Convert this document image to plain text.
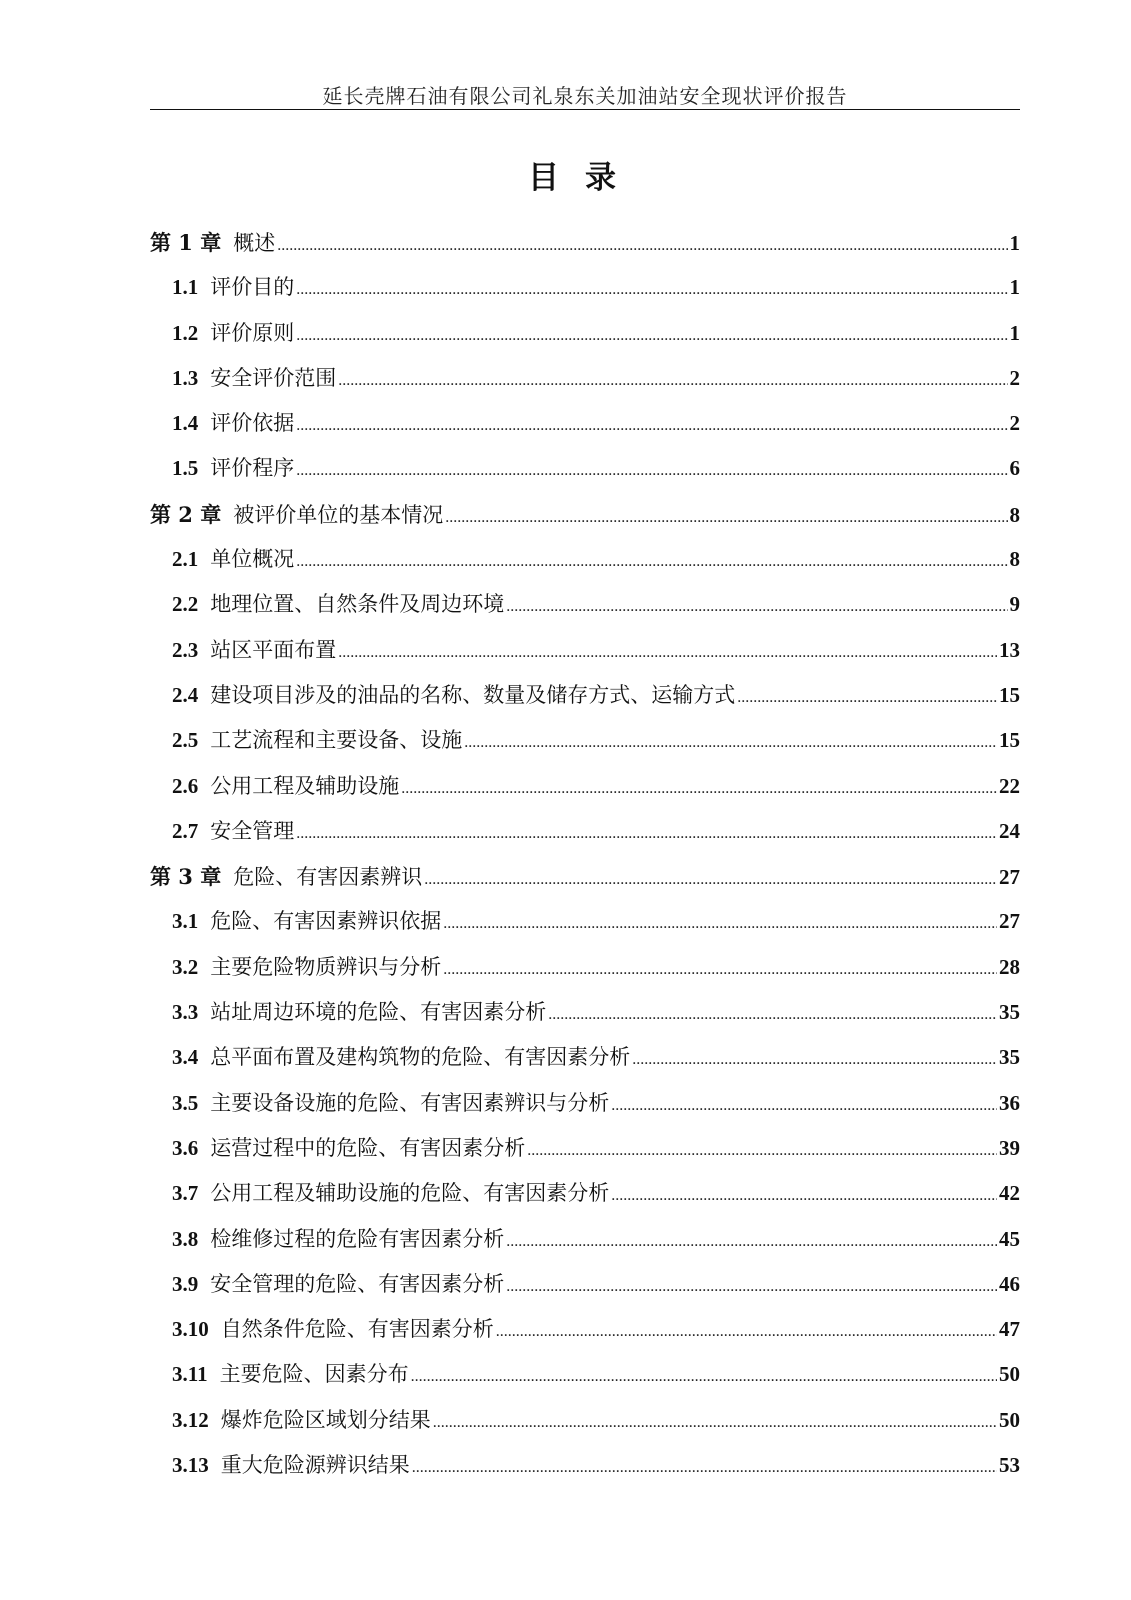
延长壳牌石油有限公司礼泉东关加油站安全现状评价报告
目录
第 1 章 概述 .....	1
1.1 评价目的 .....	1
1.2 评价原则 .....	1
1.3 安全评价范围 .....	2
1.4 评价依据 .....	2
1.5 评价程序 .....	6
第 2 章 被评价单位的基本情况 .....	8
2.1 单位概况 .....	8
2.2 地理位置、自然条件及周边环境 .....	9
2.3 站区平面布置 .....	13
2.4 建设项目涉及的油品的名称、数量及储存方式、运输方式 .....	15
2.5 工艺流程和主要设备、设施 .....	15
2.6 公用工程及辅助设施 .....	22
2.7 安全管理 .....	24
第 3 章 危险、有害因素辨识 .....	27
3.1 危险、有害因素辨识依据 .....	27
3.2 主要危险物质辨识与分析 .....	28
3.3 站址周边环境的危险、有害因素分析 .....	35
3.4 总平面布置及建构筑物的危险、有害因素分析 .....	35
3.5 主要设备设施的危险、有害因素辨识与分析 .....	36
3.6 运营过程中的危险、有害因素分析 .....	39
3.7 公用工程及辅助设施的危险、有害因素分析 .....	42
3.8 检维修过程的危险有害因素分析 .....	45
3.9 安全管理的危险、有害因素分析 .....	46
3.10 自然条件危险、有害因素分析 .....	47
3.11 主要危险、因素分布 .....	50
3.12 爆炸危险区域划分结果 .....	50
3.13 重大危险源辨识结果 .....	53
